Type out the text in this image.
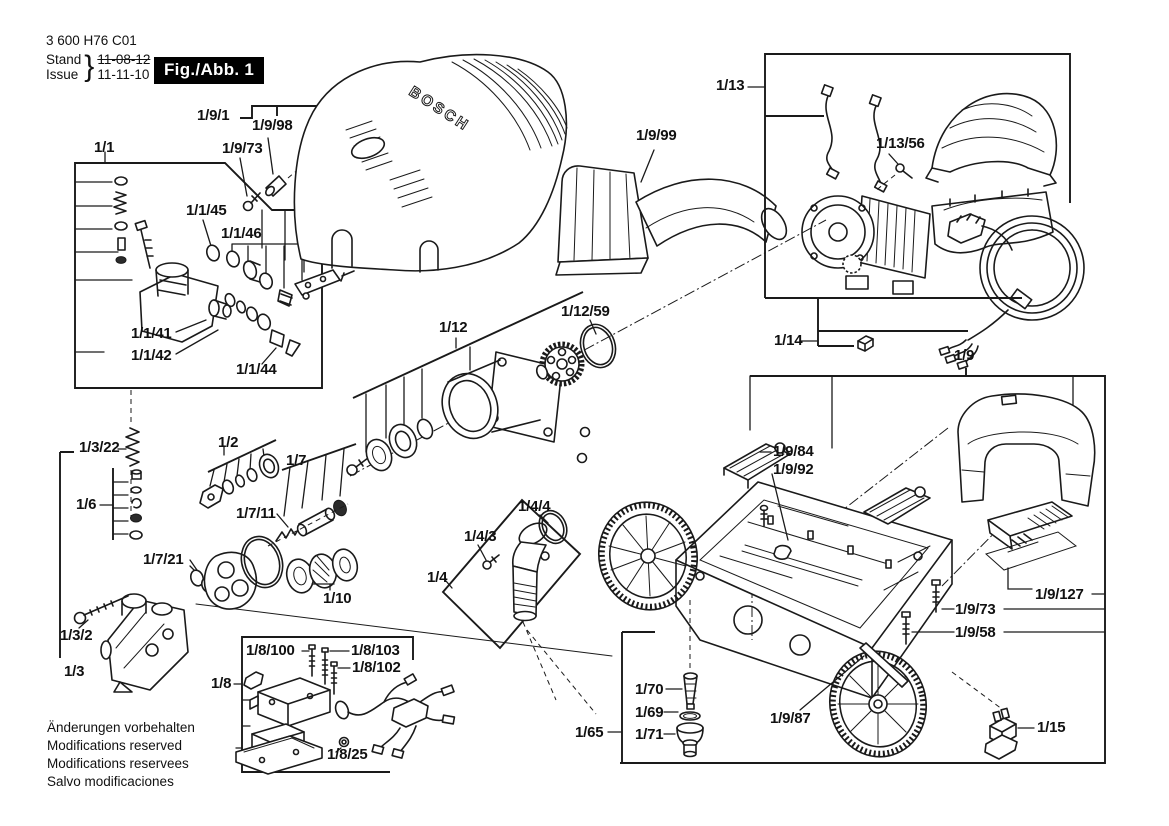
3 600 H76 C01
Stand
Issue } 11-08-12
11-11-10 Fig./Abb. 1
BOSCH
1/1
1/9/1
1/9/98
1/9/73
1/1/45
1/1/46
1/1/41
1/1/42
1/1/44
1/9/99
1/13
1/13/56
1/14
1/9
1/12
1/12/59
1/3/22	1/2
1/6
1/7
1/7/11
1/7/21
1/10
1/3/2
1/3
1/4
1/4/3
1/4/4
1/8/100	1/8/103
1/8/102
1/8
1/8/25
1/9/84
1/9/92
1/9/127
1/9/73
1/9/58
1/70
1/69
1/71
1/65
1/9/87
1/15
Änderungen vorbehalten
Modifications reserved
Modifications reservees
Salvo modificaciones
